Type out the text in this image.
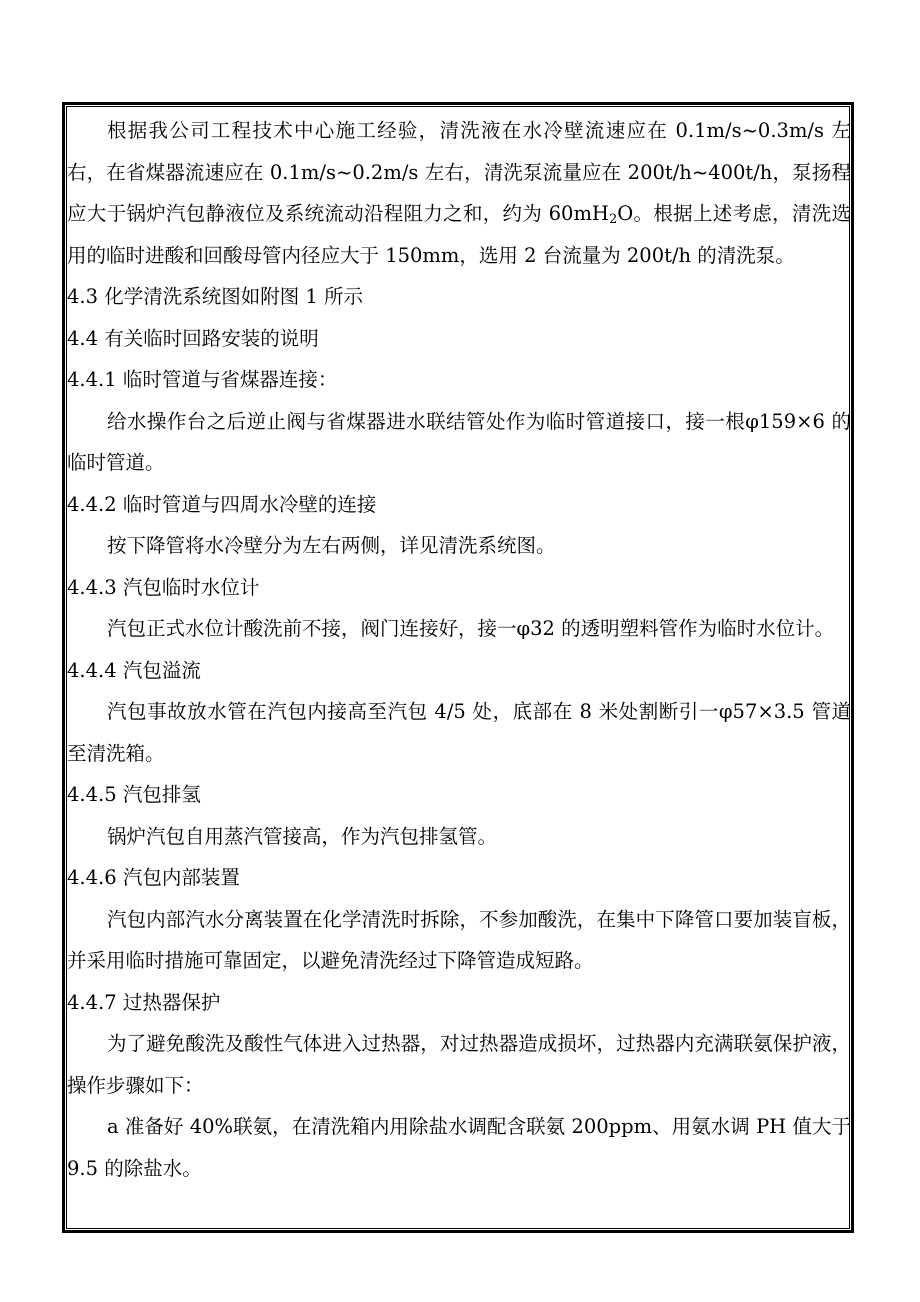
根据我公司工程技术中心施工经验，清洗液在水冷壁流速应在 0.1m/s~0.3m/s 左右，在省煤器流速应在 0.1m/s~0.2m/s 左右，清洗泵流量应在 200t/h~400t/h，泵扬程应大于锅炉汽包静液位及系统流动沿程阻力之和，约为 $60mH_2O$。根据上述考虑，清洗选用的临时进酸和回酸母管内径应大于 150mm，选用 2 台流量为 200t/h 的清洗泵。

4.3 化学清洗系统图如附图 1 所示

4.4 有关临时回路安装的说明

4.4.1 临时管道与省煤器连接：

给水操作台之后逆止阀与省煤器进水联结管处作为临时管道接口，接一根φ159×6 的临时管道。

4.4.2 临时管道与四周水冷壁的连接

按下降管将水冷壁分为左右两侧，详见清洗系统图。

4.4.3 汽包临时水位计

汽包正式水位计酸洗前不接，阀门连接好，接一φ32 的透明塑料管作为临时水位计。

4.4.4 汽包溢流

汽包事故放水管在汽包内接高至汽包 4/5 处，底部在 8 米处割断引一φ57×3.5 管道至清洗箱。

4.4.5 汽包排氢

锅炉汽包自用蒸汽管接高，作为汽包排氢管。

4.4.6 汽包内部装置

汽包内部汽水分离装置在化学清洗时拆除，不参加酸洗，在集中下降管口要加装盲板，并采用临时措施可靠固定，以避免清洗经过下降管造成短路。

4.4.7 过热器保护

为了避免酸洗及酸性气体进入过热器，对过热器造成损坏，过热器内充满联氨保护液，操作步骤如下：

a 准备好 40%联氨，在清洗箱内用除盐水调配含联氨 200ppm、用氨水调 PH 值大于 9.5 的除盐水。
